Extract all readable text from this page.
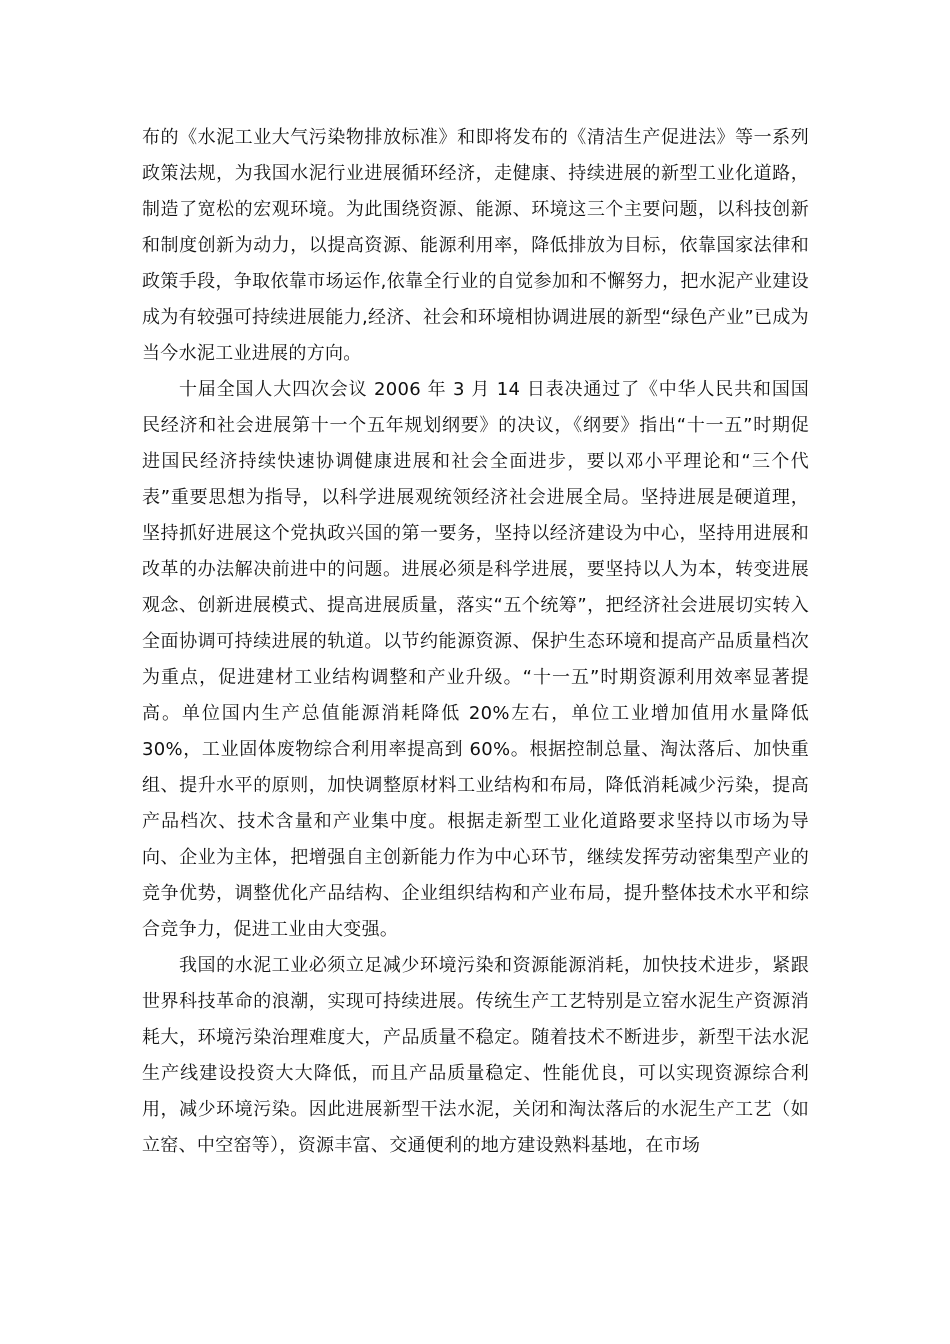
布的《水泥工业大气污染物排放标准》和即将发布的《清洁生产促进法》等一系列政策法规，为我国水泥行业进展循环经济，走健康、持续进展的新型工业化道路，制造了宽松的宏观环境。为此围绕资源、能源、环境这三个主要问题，以科技创新和制度创新为动力，以提高资源、能源利用率，降低排放为目标，依靠国家法律和政策手段，争取依靠市场运作,依靠全行业的自觉参加和不懈努力，把水泥产业建设成为有较强可持续进展能力,经济、社会和环境相协调进展的新型“绿色产业”已成为当今水泥工业进展的方向。

十届全国人大四次会议 2006 年 3 月 14 日表决通过了《中华人民共和国国民经济和社会进展第十一个五年规划纲要》的决议，《纲要》指出“十一五”时期促进国民经济持续快速协调健康进展和社会全面进步，要以邓小平理论和“三个代表”重要思想为指导，以科学进展观统领经济社会进展全局。坚持进展是硬道理，坚持抓好进展这个党执政兴国的第一要务，坚持以经济建设为中心，坚持用进展和改革的办法解决前进中的问题。进展必须是科学进展，要坚持以人为本，转变进展观念、创新进展模式、提高进展质量，落实“五个统筹”，把经济社会进展切实转入全面协调可持续进展的轨道。以节约能源资源、保护生态环境和提高产品质量档次为重点，促进建材工业结构调整和产业升级。“十一五”时期资源利用效率显著提高。单位国内生产总值能源消耗降低 20%左右，单位工业增加值用水量降低 30%，工业固体废物综合利用率提高到 60%。根据控制总量、淘汰落后、加快重组、提升水平的原则，加快调整原材料工业结构和布局，降低消耗减少污染，提高产品档次、技术含量和产业集中度。根据走新型工业化道路要求坚持以市场为导向、企业为主体，把增强自主创新能力作为中心环节，继续发挥劳动密集型产业的竞争优势，调整优化产品结构、企业组织结构和产业布局，提升整体技术水平和综合竞争力，促进工业由大变强。

我国的水泥工业必须立足减少环境污染和资源能源消耗，加快技术进步，紧跟世界科技革命的浪潮，实现可持续进展。传统生产工艺特别是立窑水泥生产资源消耗大，环境污染治理难度大，产品质量不稳定。随着技术不断进步，新型干法水泥生产线建设投资大大降低，而且产品质量稳定、性能优良，可以实现资源综合利用，减少环境污染。因此进展新型干法水泥，关闭和淘汰落后的水泥生产工艺（如立窑、中空窑等），资源丰富、交通便利的地方建设熟料基地，在市场
